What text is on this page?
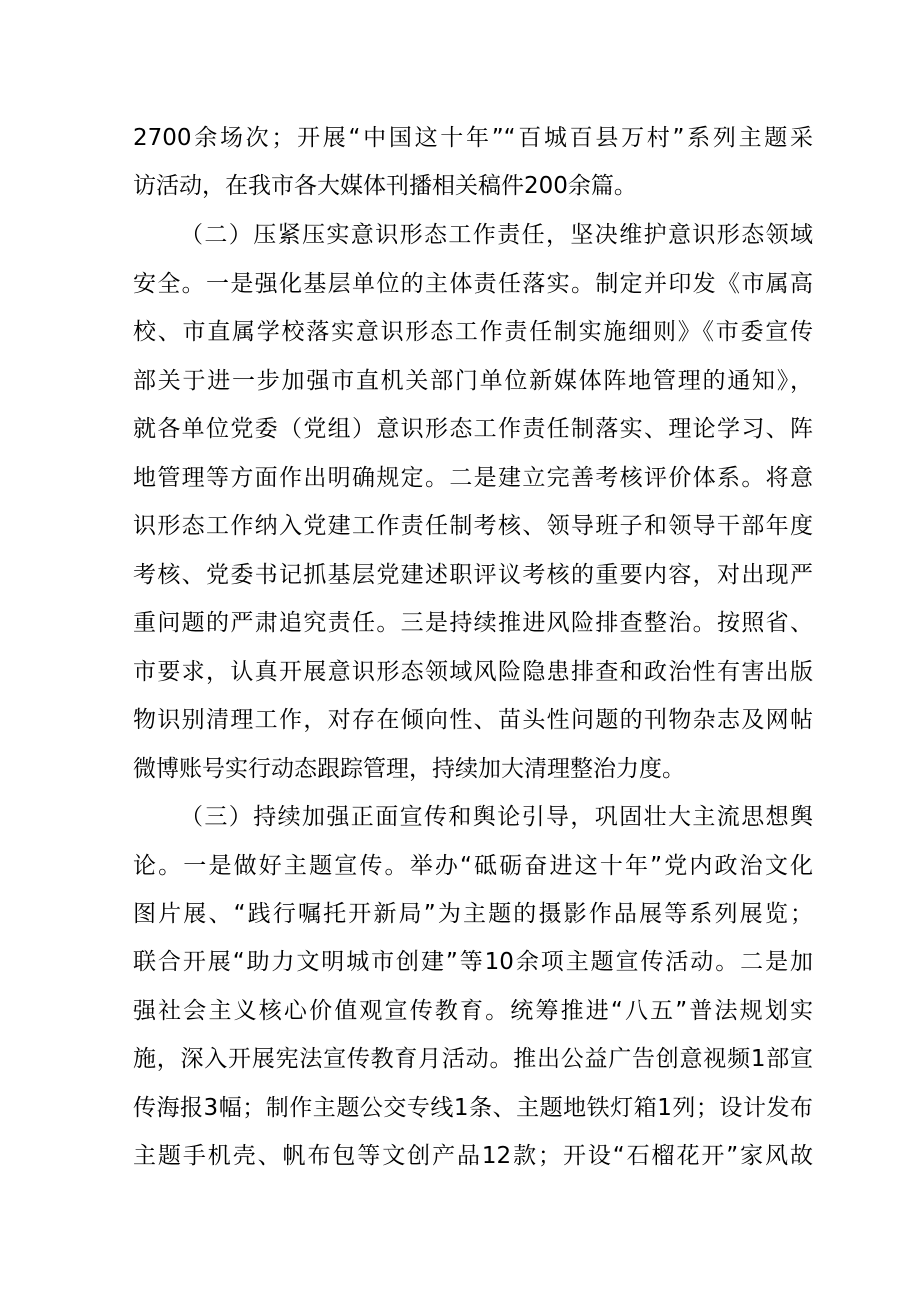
2700余场次；开展“中国这十年”“百城百县万村”系列主题采

访活动，在我市各大媒体刊播相关稿件200余篇。

（二）压紧压实意识形态工作责任，坚决维护意识形态领域

安全。一是强化基层单位的主体责任落实。制定并印发《市属高

校、市直属学校落实意识形态工作责任制实施细则》《市委宣传

部关于进一步加强市直机关部门单位新媒体阵地管理的通知》，

就各单位党委（党组）意识形态工作责任制落实、理论学习、阵

地管理等方面作出明确规定。二是建立完善考核评价体系。将意

识形态工作纳入党建工作责任制考核、领导班子和领导干部年度

考核、党委书记抓基层党建述职评议考核的重要内容，对出现严

重问题的严肃追究责任。三是持续推进风险排查整治。按照省、

市要求，认真开展意识形态领域风险隐患排查和政治性有害出版

物识别清理工作，对存在倾向性、苗头性问题的刊物杂志及网帖

微博账号实行动态跟踪管理，持续加大清理整治力度。

（三）持续加强正面宣传和舆论引导，巩固壮大主流思想舆

论。一是做好主题宣传。举办“砥砺奋进这十年”党内政治文化

图片展、“践行嘱托开新局”为主题的摄影作品展等系列展览；

联合开展“助力文明城市创建”等10余项主题宣传活动。二是加

强社会主义核心价值观宣传教育。统筹推进“八五”普法规划实

施，深入开展宪法宣传教育月活动。推出公益广告创意视频1部宣

传海报3幅；制作主题公交专线1条、主题地铁灯箱1列；设计发布

主题手机壳、帆布包等文创产品12款；开设“石榴花开”家风故
